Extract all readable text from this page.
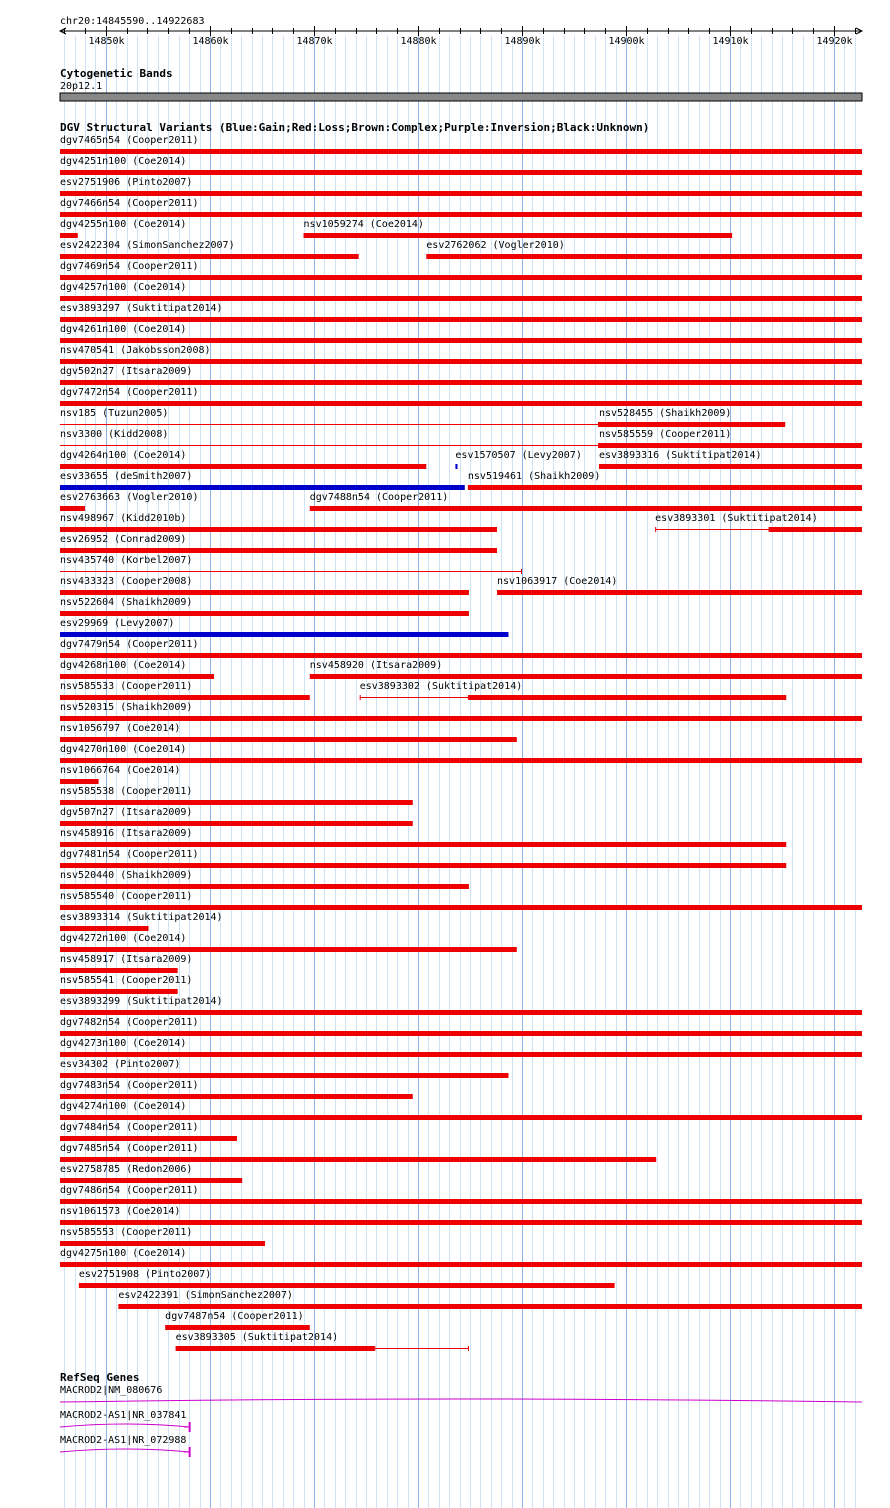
chr20:14845590..14922683
14850k	14860k	14870k	14880k	14890k	14900k	14910k	14920k
Cytogenetic Bands
20p12.1
DGV Structural Variants (Blue:Gain;Red:Loss;Brown:Complex;Purple:Inversion;Black:Unknown)
dgv7465n54 (Cooper2011)
dgv4251n100 (Coe2014)
esv2751906 (Pinto2007)
dgv7466n54 (Cooper2011)
dgv4255n100 (Coe2014)	nsv1059274 (Coe2014)
esv2422304 (SimonSanchez2007)	esv2762062 (Vogler2010)
dgv7469n54 (Cooper2011)
dgv4257n100 (Coe2014)
esv3893297 (Suktitipat2014)
dgv4261n100 (Coe2014)
nsv470541 (Jakobsson2008)
dgv502n27 (Itsara2009)
dgv7472n54 (Cooper2011)
nsv185 (Tuzun2005)	nsv528455 (Shaikh2009)
nsv3300 (Kidd2008)	nsv585559 (Cooper2011)
dgv4264n100 (Coe2014)	esv1570507 (Levy2007) esv3893316 (Suktitipat2014)
esv33655 (deSmith2007)	nsv519461 (Shaikh2009)
esv2763663 (Vogler2010)	dgv7488n54 (Cooper2011)
nsv498967 (Kidd2010b)	esv3893301 (Suktitipat2014)
esv26952 (Conrad2009)
nsv435740 (Korbel2007)
nsv433323 (Cooper2008)	nsv1063917 (Coe2014)
nsv522604 (Shaikh2009)
esv29969 (Levy2007)
dgv7479n54 (Cooper2011)
dgv4268n100 (Coe2014)	nsv458920 (Itsara2009)
nsv585533 (Cooper2011)	esv3893302 (Suktitipat2014)
nsv520315 (Shaikh2009)
nsv1056797 (Coe2014)
dgv4270n100 (Coe2014)
nsv1066764 (Coe2014)
nsv585538 (Cooper2011)
dgv507n27 (Itsara2009)
nsv458916 (Itsara2009)
dgv7481n54 (Cooper2011)
nsv520440 (Shaikh2009)
nsv585540 (Cooper2011)
esv3893314 (Suktitipat2014)
dgv4272n100 (Coe2014)
nsv458917 (Itsara2009)
nsv585541 (Cooper2011)
esv3893299 (Suktitipat2014)
dgv7482n54 (Cooper2011)
dgv4273n100 (Coe2014)
esv34302 (Pinto2007)
dgv7483n54 (Cooper2011)
dgv4274n100 (Coe2014)
dgv7484n54 (Cooper2011)
dgv7485n54 (Cooper2011)
esv2758785 (Redon2006)
dgv7486n54 (Cooper2011)
nsv1061573 (Coe2014)
nsv585553 (Cooper2011)
dgv4275n100 (Coe2014)
esv2751908 (Pinto2007)
esv2422391 (SimonSanchez2007)
dgv7487n54 (Cooper2011)
esv3893305 (Suktitipat2014)
RefSeq Genes
MACROD2|NM_080676
MACROD2-AS1|NR_037841
MACROD2-AS1|NR_072988
